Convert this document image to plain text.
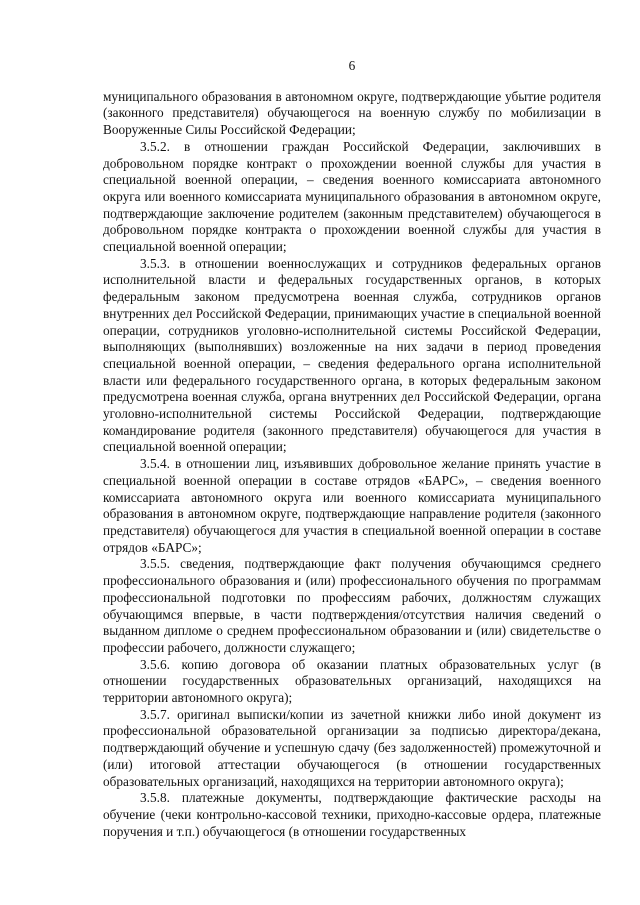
6

муниципального образования в автономном округе, подтверждающие убытие родителя (законного представителя) обучающегося на военную службу по мобилизации в Вооруженные Силы Российской Федерации;

3.5.2. в отношении граждан Российской Федерации, заключивших в добровольном порядке контракт о прохождении военной службы для участия в специальной военной операции, – сведения военного комиссариата автономного округа или военного комиссариата муниципального образования в автономном округе, подтверждающие заключение родителем (законным представителем) обучающегося в добровольном порядке контракта о прохождении военной службы для участия в специальной военной операции;

3.5.3. в отношении военнослужащих и сотрудников федеральных органов исполнительной власти и федеральных государственных органов, в которых федеральным законом предусмотрена военная служба, сотрудников органов внутренних дел Российской Федерации, принимающих участие в специальной военной операции, сотрудников уголовно-исполнительной системы Российской Федерации, выполняющих (выполнявших) возложенные на них задачи в период проведения специальной военной операции, – сведения федерального органа исполнительной власти или федерального государственного органа, в которых федеральным законом предусмотрена военная служба, органа внутренних дел Российской Федерации, органа уголовно-исполнительной системы Российской Федерации, подтверждающие командирование родителя (законного представителя) обучающегося для участия в специальной военной операции;

3.5.4. в отношении лиц, изъявивших добровольное желание принять участие в специальной военной операции в составе отрядов «БАРС», – сведения военного комиссариата автономного округа или военного комиссариата муниципального образования в автономном округе, подтверждающие направление родителя (законного представителя) обучающегося для участия в специальной военной операции в составе отрядов «БАРС»;

3.5.5. сведения, подтверждающие факт получения обучающимся среднего профессионального образования и (или) профессионального обучения по программам профессиональной подготовки по профессиям рабочих, должностям служащих обучающимся впервые, в части подтверждения/отсутствия наличия сведений о выданном дипломе о среднем профессиональном образовании и (или) свидетельстве о профессии рабочего, должности служащего;

3.5.6. копию договора об оказании платных образовательных услуг (в отношении государственных образовательных организаций, находящихся на территории автономного округа);

3.5.7. оригинал выписки/копии из зачетной книжки либо иной документ из профессиональной образовательной организации за подписью директора/декана, подтверждающий обучение и успешную сдачу (без задолженностей) промежуточной и (или) итоговой аттестации обучающегося (в отношении государственных образовательных организаций, находящихся на территории автономного округа);

3.5.8. платежные документы, подтверждающие фактические расходы на обучение (чеки контрольно-кассовой техники, приходно-кассовые ордера, платежные поручения и т.п.) обучающегося (в отношении государственных
